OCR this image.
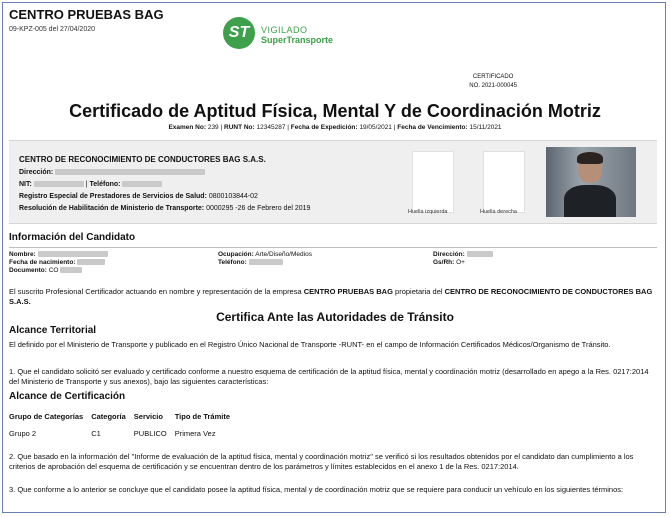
CENTRO PRUEBAS BAG
09-KPZ-005 del 27/04/2020	ST	VIGILADO
SuperTransporte
CERTIFICADO
NO. 2021-000045
Certificado de Aptitud Física, Mental Y de Coordinación Motriz
Examen No: 239 | RUNT No: 12345287 | Fecha de Expedición: 19/05/2021 | Fecha de Vencimiento: 15/11/2021
CENTRO DE RECONOCIMIENTO DE CONDUCTORES BAG S.A.S.
Dirección:
NIT:	| Teléfono:
Registro Especial de Prestadores de Servicios de Salud: 0800103844-02
Resolución de Habilitación de Ministerio de Transporte: 0000295 -26 de Febrero del 2019	Huella izquierda	Huella derecha
Información del Candidato
Nombre:
Fecha de nacimiento:
Documento: CO
Ocupación: Arte/Diseño/Medios
Teléfono:
Dirección:
Gs/Rh: O+
El suscrito Profesional Certificador actuando en nombre y representación de la empresa CENTRO PRUEBAS BAG propietaria del CENTRO DE RECONOCIMIENTO DE CONDUCTORES BAG S.A.S.
Certifica Ante las Autoridades de Tránsito
Alcance Territorial
El definido por el Ministerio de Transporte y publicado en el Registro Único Nacional de Transporte -RUNT- en el campo de Información Certificados Médicos/Organismo de Tránsito.
1. Que el candidato solicitó ser evaluado y certificado conforme a nuestro esquema de certificación de la aptitud física, mental y coordinación motriz (desarrollado en apego a la Res. 0217:2014 del Ministerio de Transporte y sus anexos), bajo las siguientes características:
Alcance de Certificación
Grupo de Categorías	Categoría	Servicio	Tipo de Trámite
Grupo 2	C1	PUBLICO	Primera Vez
2. Que basado en la información del "Informe de evaluación de la aptitud física, mental y coordinación motriz" se verificó si los resultados obtenidos por el candidato dan cumplimiento a los criterios de aprobación del esquema de certificación y se encuentran dentro de los parámetros y límites establecidos en el anexo 1 de la Res. 0217:2014.
3. Que conforme a lo anterior se concluye que el candidato posee la aptitud física, mental y de coordinación motriz que se requiere para conducir un vehículo en los siguientes términos:
